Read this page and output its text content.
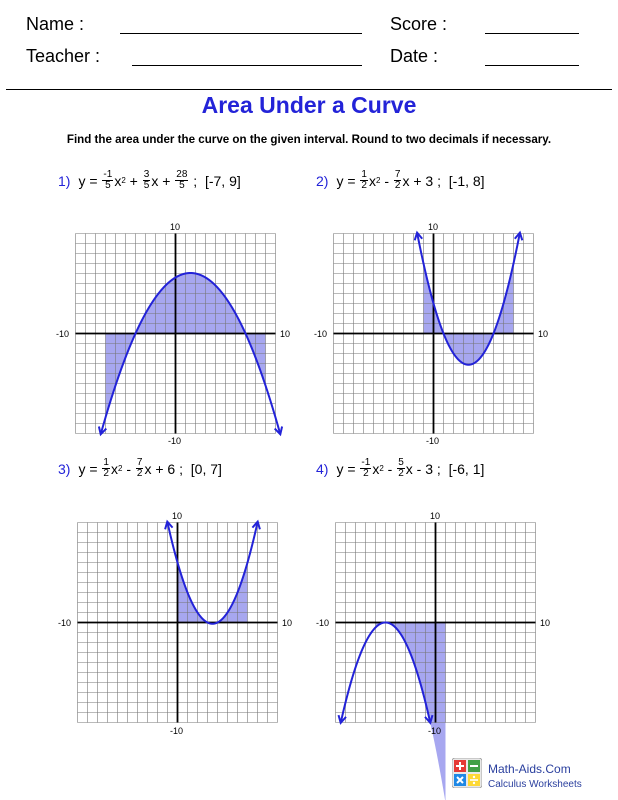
Name :	Score :
Teacher :	Date :
Area Under a Curve
Find the area under the curve on the given interval. Round to two decimals if necessary.
1) y = - $\frac{1}{5}$ x $2 + \frac{3}{5}$ $x + \frac{28}{5}$ ;  [-7, 9]	2) $y = \frac{1}{2}$ x $2 - \frac{7}{2}$ x + 3 ;  [-1, 8]
3) $y = \frac{1}{2}$ x $2 - \frac{7}{2}$ x + 6 ;  [0, 7]	4) y = - $\frac{1}{2}$ x $2 - \frac{5}{2}$ x - 3 ;  [-6, 1]
10
-10
-10	10
10
-10
-10	10
10
-10
-10	10
10
-10
-10	10
Math-Aids.Com
Calculus Worksheets
